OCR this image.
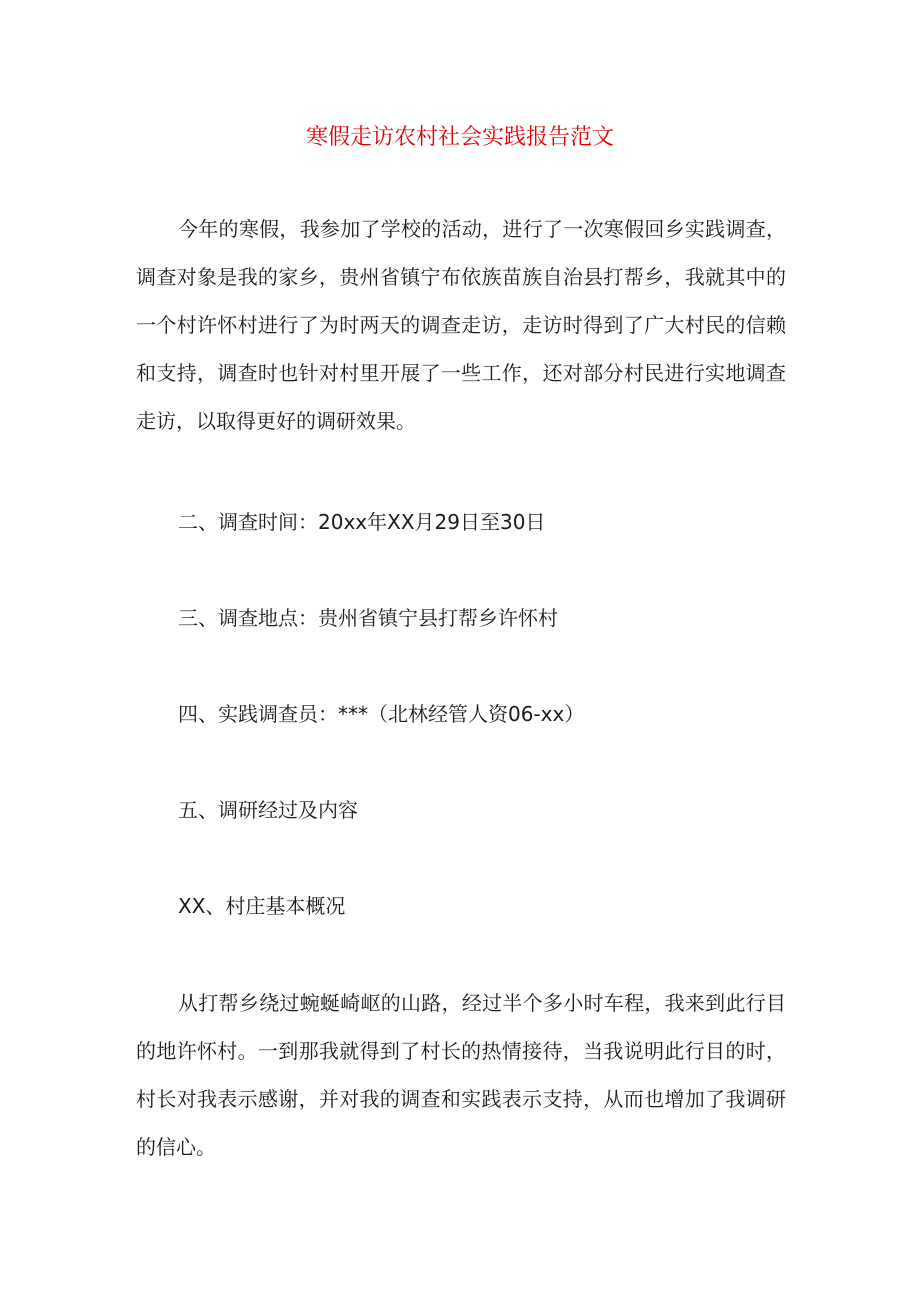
寒假走访农村社会实践报告范文

今年的寒假，我参加了学校的活动，进行了一次寒假回乡实践调查，调查对象是我的家乡，贵州省镇宁布依族苗族自治县打帮乡，我就其中的一个村许怀村进行了为时两天的调查走访，走访时得到了广大村民的信赖和支持，调查时也针对村里开展了一些工作，还对部分村民进行实地调查走访，以取得更好的调研效果。

二、调查时间：20xx年XX月29日至30日

三、调查地点：贵州省镇宁县打帮乡许怀村

四、实践调查员：***（北林经管人资06-xx）

五、调研经过及内容

XX、村庄基本概况

从打帮乡绕过蜿蜒崎岖的山路，经过半个多小时车程，我来到此行目的地许怀村。一到那我就得到了村长的热情接待，当我说明此行目的时，村长对我表示感谢，并对我的调查和实践表示支持，从而也增加了我调研的信心。
